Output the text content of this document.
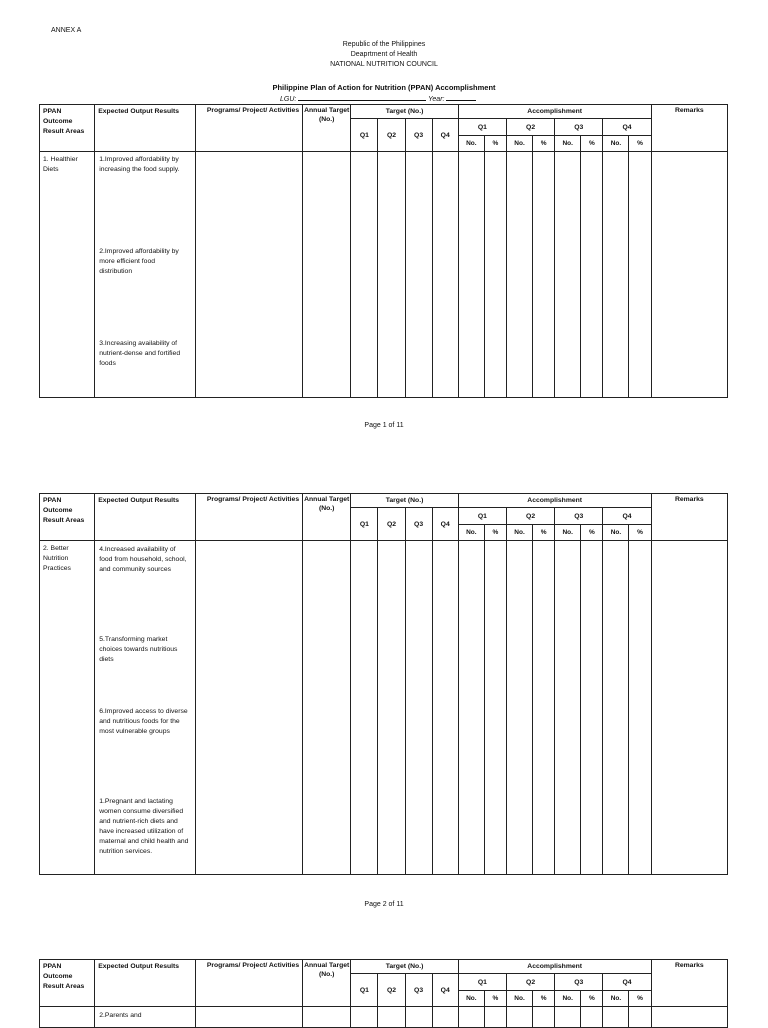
ANNEX A
Republic of the Philippines
Deaprtment of Health
NATIONAL NUTRITION COUNCIL
Philippine Plan of Action for Nutrition (PPAN) Accomplishment
LGU:	Year:
PPAN Outcome Result Areas	Expected Output Results	Programs/ Project/ Activities	Annual Target (No.)	Target (No.)				Accomplishment								Remarks
				Q1	Q2	Q3	Q4	Q1		Q2		Q3		Q4		
								No.	%	No.	%	No.	%	No.	%	

1. Healthier Diets	1.Improved affordability by increasing the food supply.
2.Improved affordability by more efficient food distribution
3.Increasing availability of nutrient-dense and fortified foods															

PPAN Outcome Result Areas	Expected Output Results	Programs/ Project/ Activities	Annual Target (No.)	Target (No.)				Accomplishment								Remarks
				Q1	Q2	Q3	Q4	Q1		Q2		Q3		Q4		
								No.	%	No.	%	No.	%	No.	%	

2. Better Nutrition Practices	4.Increased availability of food from household, school, and community sources
5.Transforming market choices towards nutritious diets
6.Improved access to diverse and nutritious foods for the most vulnerable groups
1.Pregnant and lactating women consume diversified and nutrient-rich diets and have increased utilization of maternal and child health and nutrition services.															

PPAN Outcome Result Areas	Expected Output Results	Programs/ Project/ Activities	Annual Target (No.)	Target (No.)				Accomplishment								Remarks
				Q1	Q2	Q3	Q4	Q1		Q2		Q3		Q4		
								No.	%	No.	%	No.	%	No.	%	

	2.Parents and															

Page 1 of 11
Page 2 of 11
